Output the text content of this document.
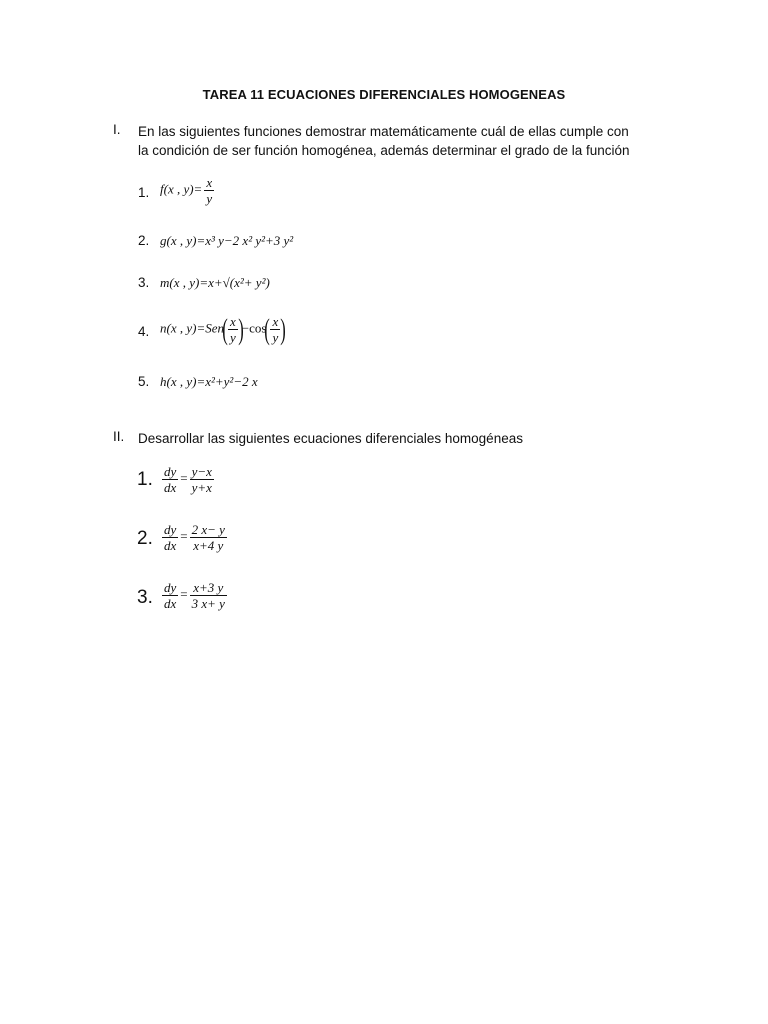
TAREA 11 ECUACIONES DIFERENCIALES HOMOGENEAS
I. En las siguientes funciones demostrar matemáticamente cuál de ellas cumple con
la condición de ser función homogénea, además determinar el grado de la función
1. f(x , $y)= \frac{x}{y}$
2. g(x , y)=x³ y−2 x² y²+3 y²
3. m(x , y)=x+√(x²+ y²)
4. n(x , $y)=Sen( \frac{x}{y} )-\cos( \frac{x}{y}$ )
5. h(x , y)=x²+y²−2 x
II. Desarrollar las siguientes ecuaciones diferenciales homogéneas
1. $\frac{dy}{dx} = \frac{y-x}{y+x}$
2. $\frac{dy}{dx} = \frac{2 x- y}{x+4 y}$
3. $\frac{dy}{dx} = \frac{x+3 y}{3 x+ y}$
